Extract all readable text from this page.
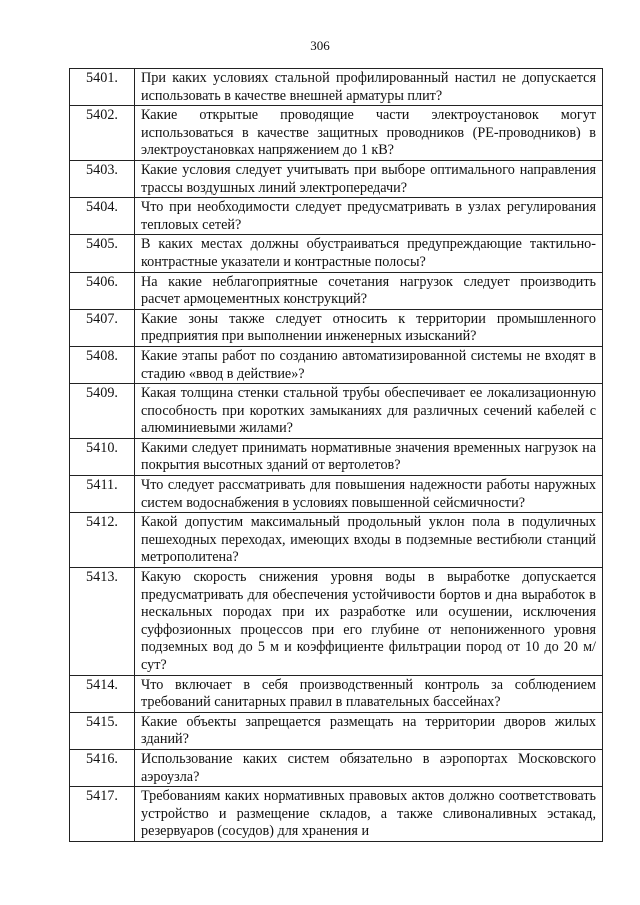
306
5401.	При каких условиях стальной профилированный настил не допускается использовать в качестве внешней арматуры плит?
5402.	Какие открытые проводящие части электроустановок могут использоваться в качестве защитных проводников (PE-проводников) в электроустановках напряжением до 1 кВ?
5403.	Какие условия следует учитывать при выборе оптимального направления трассы воздушных линий электропередачи?
5404.	Что при необходимости следует предусматривать в узлах регулирования тепловых сетей?
5405.	В каких местах должны обустраиваться предупреждающие тактильно-контрастные указатели и контрастные полосы?
5406.	На какие неблагоприятные сочетания нагрузок следует производить расчет армоцементных конструкций?
5407.	Какие зоны также следует относить к территории промышленного предприятия при выполнении инженерных изысканий?
5408.	Какие этапы работ по созданию автоматизированной системы не входят в стадию «ввод в действие»?
5409.	Какая толщина стенки стальной трубы обеспечивает ее локализационную способность при коротких замыканиях для различных сечений кабелей с алюминиевыми жилами?
5410.	Какими следует принимать нормативные значения временных нагрузок на покрытия высотных зданий от вертолетов?
5411.	Что следует рассматривать для повышения надежности работы наружных систем водоснабжения в условиях повышенной сейсмичности?
5412.	Какой допустим максимальный продольный уклон пола в подуличных пешеходных переходах, имеющих входы в подземные вестибюли станций метрополитена?
5413.	Какую скорость снижения уровня воды в выработке допускается предусматривать для обеспечения устойчивости бортов и дна выработок в нескальных породах при их разработке или осушении, исключения суффозионных процессов при его глубине от непониженного уровня подземных вод до 5 м и коэффициенте фильтрации пород от 10 до 20 м/сут?
5414.	Что включает в себя производственный контроль за соблюдением требований санитарных правил в плавательных бассейнах?
5415.	Какие объекты запрещается размещать на территории дворов жилых зданий?
5416.	Использование каких систем обязательно в аэропортах Московского аэроузла?
5417.	Требованиям каких нормативных правовых актов должно соответствовать устройство и размещение складов, а также сливоналивных эстакад, резервуаров (сосудов) для хранения и
